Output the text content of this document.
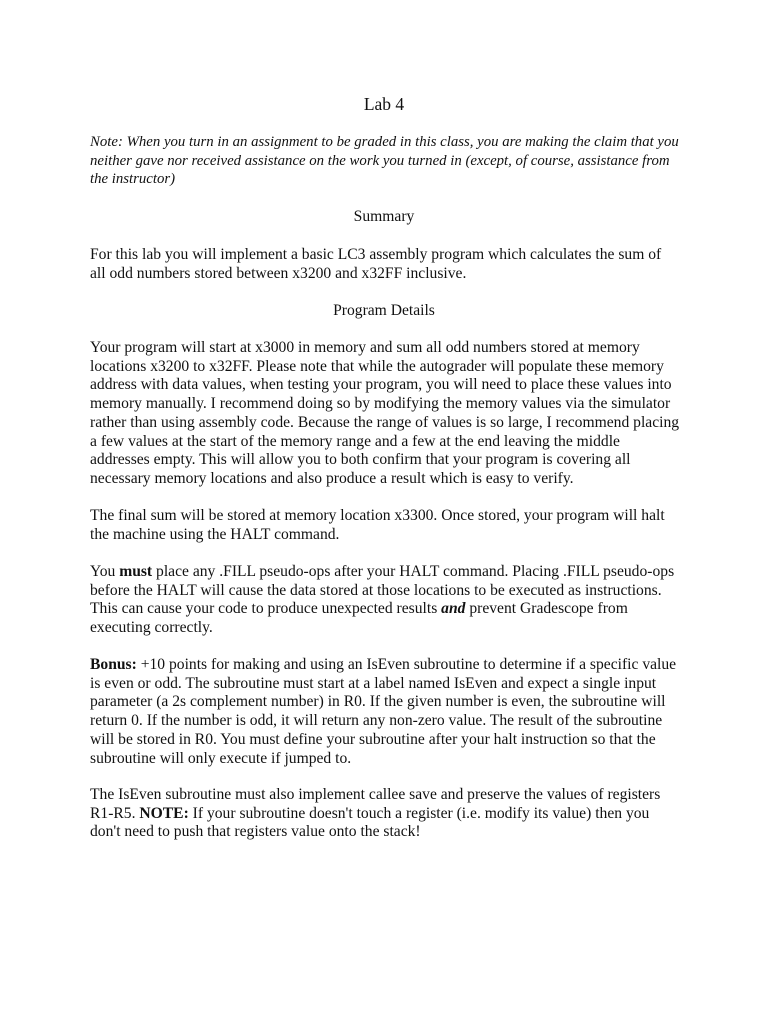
Lab 4
Note: When you turn in an assignment to be graded in this class, you are making the claim that you neither gave nor received assistance on the work you turned in (except, of course, assistance from the instructor)
Summary
For this lab you will implement a basic LC3 assembly program which calculates the sum of all odd numbers stored between x3200 and x32FF inclusive.
Program Details
Your program will start at x3000 in memory and sum all odd numbers stored at memory locations x3200 to x32FF. Please note that while the autograder will populate these memory address with data values, when testing your program, you will need to place these values into memory manually. I recommend doing so by modifying the memory values via the simulator rather than using assembly code. Because the range of values is so large, I recommend placing a few values at the start of the memory range and a few at the end leaving the middle addresses empty. This will allow you to both confirm that your program is covering all necessary memory locations and also produce a result which is easy to verify.
The final sum will be stored at memory location x3300. Once stored, your program will halt the machine using the HALT command.
You must place any .FILL pseudo-ops after your HALT command. Placing .FILL pseudo-ops before the HALT will cause the data stored at those locations to be executed as instructions. This can cause your code to produce unexpected results and prevent Gradescope from executing correctly.
Bonus: +10 points for making and using an IsEven subroutine to determine if a specific value is even or odd. The subroutine must start at a label named IsEven and expect a single input parameter (a 2s complement number) in R0. If the given number is even, the subroutine will return 0. If the number is odd, it will return any non-zero value. The result of the subroutine will be stored in R0. You must define your subroutine after your halt instruction so that the subroutine will only execute if jumped to.
The IsEven subroutine must also implement callee save and preserve the values of registers R1-R5. NOTE: If your subroutine doesn't touch a register (i.e. modify its value) then you don't need to push that registers value onto the stack!
